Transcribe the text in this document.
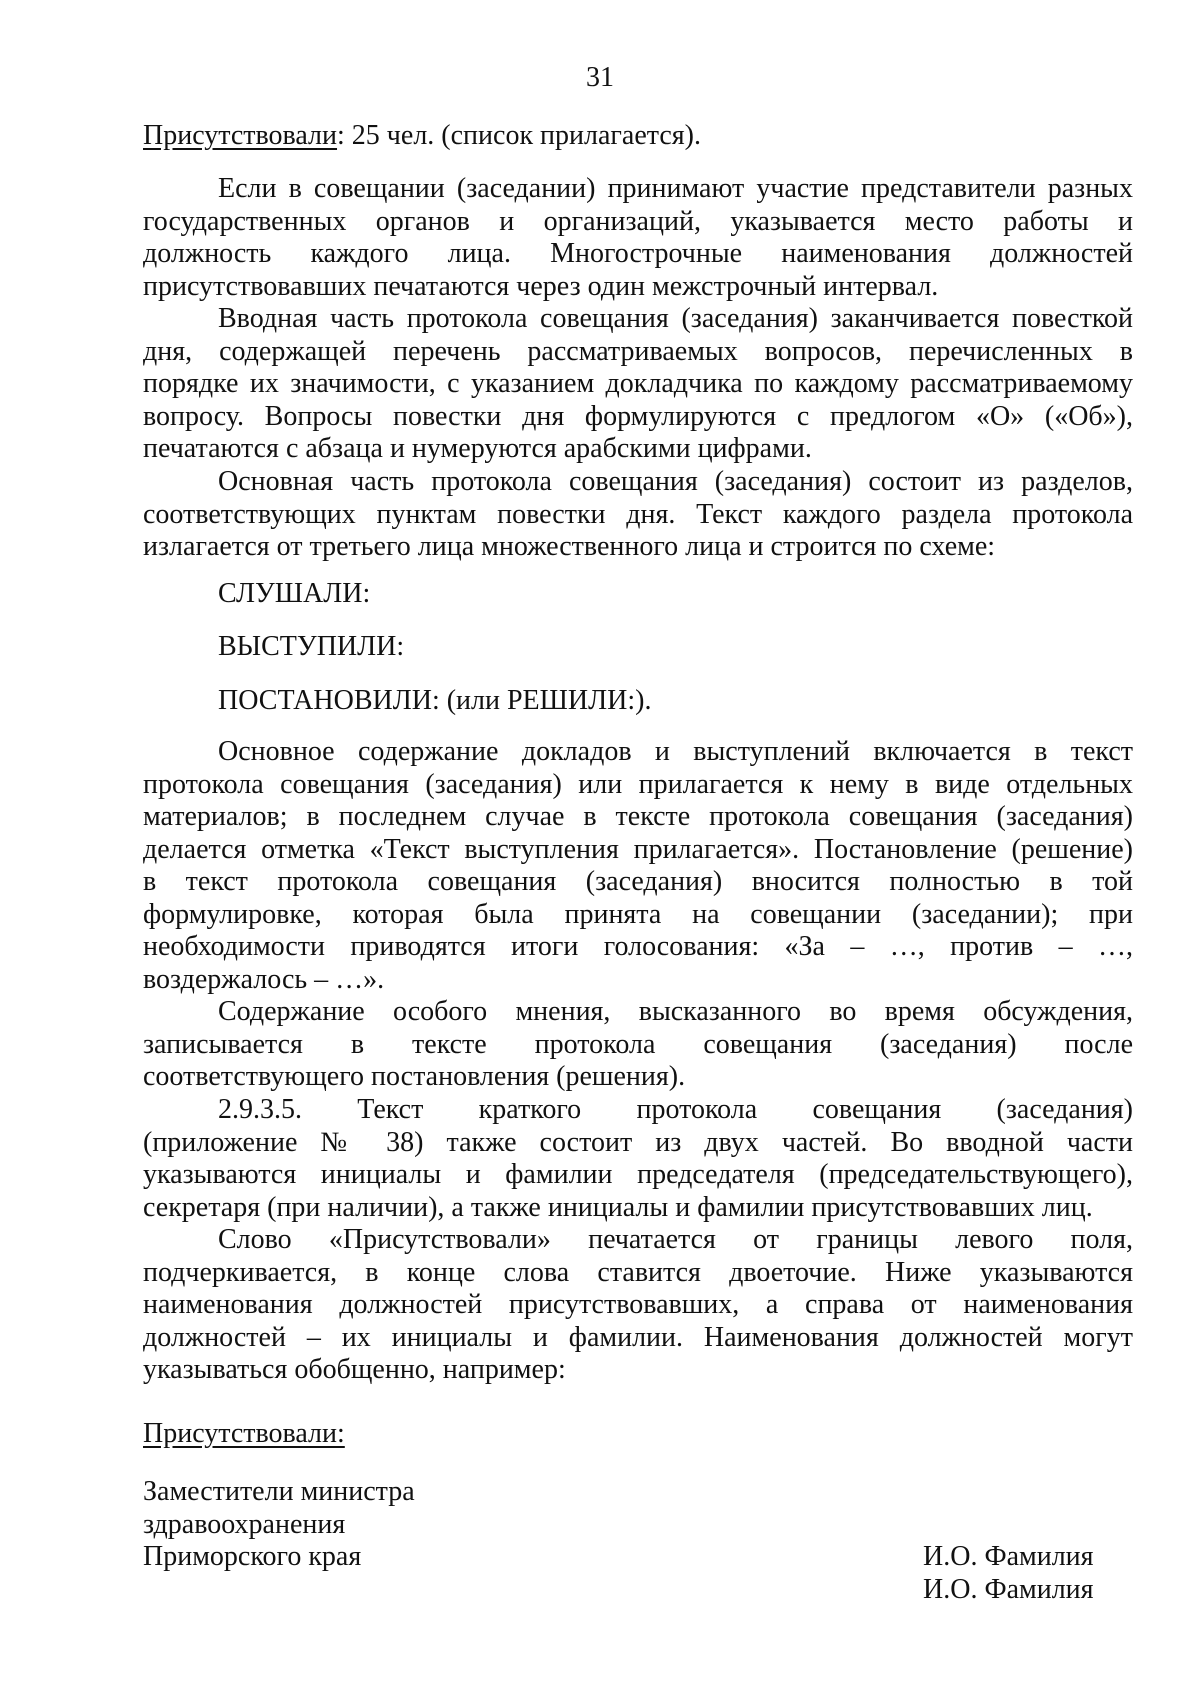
31
Присутствовали: 25 чел. (список прилагается).
Если в совещании (заседании) принимают участие представители разных
государственных органов и организаций, указывается место работы и
должность каждого лица. Многострочные наименования должностей
присутствовавших печатаются через один межстрочный интервал.
Вводная часть протокола совещания (заседания) заканчивается повесткой
дня, содержащей перечень рассматриваемых вопросов, перечисленных в
порядке их значимости, с указанием докладчика по каждому рассматриваемому
вопросу. Вопросы повестки дня формулируются с предлогом «О» («Об»),
печатаются с абзаца и нумеруются арабскими цифрами.
Основная часть протокола совещания (заседания) состоит из разделов,
соответствующих пунктам повестки дня. Текст каждого раздела протокола
излагается от третьего лица множественного лица и строится по схеме:
СЛУШАЛИ:
ВЫСТУПИЛИ:
ПОСТАНОВИЛИ: (или РЕШИЛИ:).
Основное содержание докладов и выступлений включается в текст
протокола совещания (заседания) или прилагается к нему в виде отдельных
материалов; в последнем случае в тексте протокола совещания (заседания)
делается отметка «Текст выступления прилагается». Постановление (решение)
в текст протокола совещания (заседания) вносится полностью в той
формулировке, которая была принята на совещании (заседании); при
необходимости приводятся итоги голосования: «За – …, против – …,
воздержалось – …».
Содержание особого мнения, высказанного во время обсуждения,
записывается в тексте протокола совещания (заседания) после
соответствующего постановления (решения).
2.9.3.5. Текст краткого протокола совещания (заседания)
(приложение № 38) также состоит из двух частей. Во вводной части
указываются инициалы и фамилии председателя (председательствующего),
секретаря (при наличии), а также инициалы и фамилии присутствовавших лиц.
Слово «Присутствовали» печатается от границы левого поля,
подчеркивается, в конце слова ставится двоеточие. Ниже указываются
наименования должностей присутствовавших, а справа от наименования
должностей – их инициалы и фамилии. Наименования должностей могут
указываться обобщенно, например:
Присутствовали:
Заместители министра
здравоохранения
Приморского края	И.О. Фамилия
И.О. Фамилия
